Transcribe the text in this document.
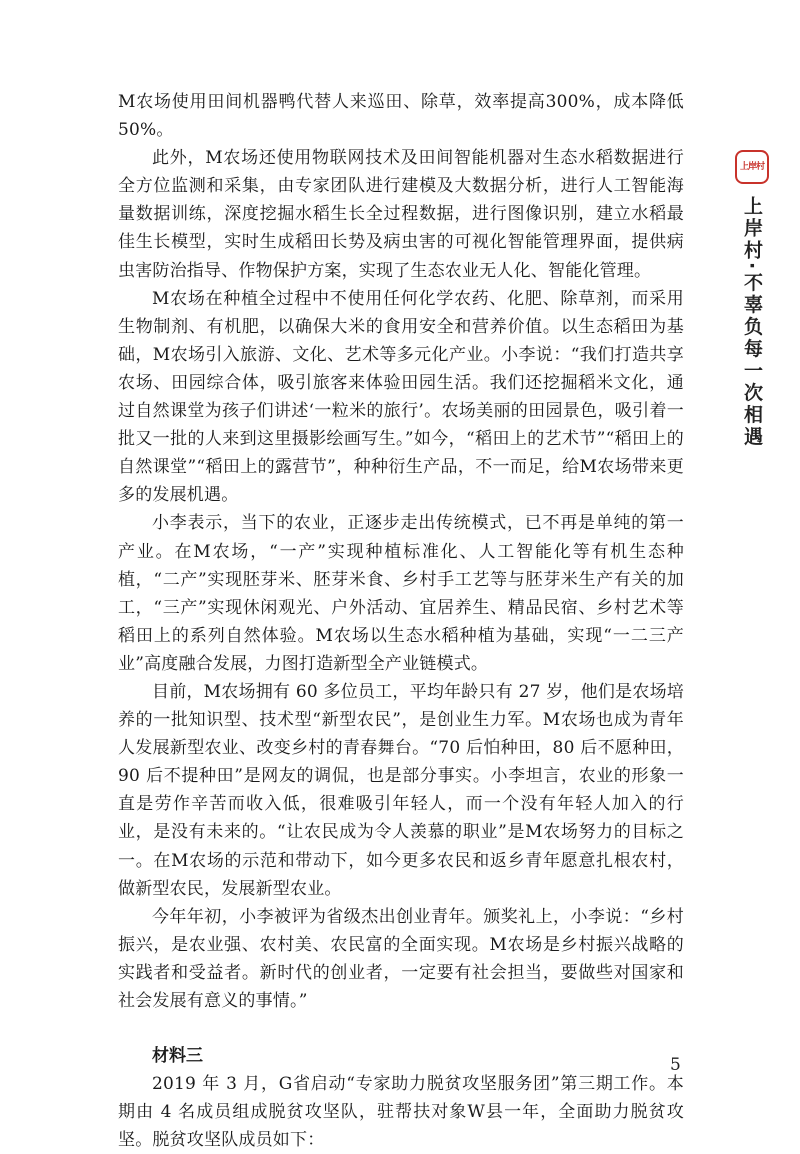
上岸村
上岸村·不辜负每一次相遇

M农场使用田间机器鸭代替人来巡田、除草，效率提高300%，成本降低 50%。

此外，M农场还使用物联网技术及田间智能机器对生态水稻数据进行全方位监测和采集，由专家团队进行建模及大数据分析，进行人工智能海量数据训练，深度挖掘水稻生长全过程数据，进行图像识别，建立水稻最佳生长模型，实时生成稻田长势及病虫害的可视化智能管理界面，提供病虫害防治指导、作物保护方案，实现了生态农业无人化、智能化管理。

M农场在种植全过程中不使用任何化学农药、化肥、除草剂，而采用生物制剂、有机肥，以确保大米的食用安全和营养价值。以生态稻田为基础，M农场引入旅游、文化、艺术等多元化产业。小李说：“我们打造共享农场、田园综合体，吸引旅客来体验田园生活。我们还挖掘稻米文化，通过自然课堂为孩子们讲述‘一粒米的旅行’。农场美丽的田园景色，吸引着一批又一批的人来到这里摄影绘画写生。”如今，“稻田上的艺术节”“稻田上的自然课堂”“稻田上的露营节”，种种衍生产品，不一而足，给M农场带来更多的发展机遇。

小李表示，当下的农业，正逐步走出传统模式，已不再是单纯的第一产业。在M农场，“一产”实现种植标准化、人工智能化等有机生态种植，“二产”实现胚芽米、胚芽米食、乡村手工艺等与胚芽米生产有关的加工，“三产”实现休闲观光、户外活动、宜居养生、精品民宿、乡村艺术等稻田上的系列自然体验。M农场以生态水稻种植为基础，实现“一二三产业”高度融合发展，力图打造新型全产业链模式。

目前，M农场拥有 60 多位员工，平均年龄只有 27 岁，他们是农场培养的一批知识型、技术型“新型农民”，是创业生力军。M农场也成为青年人发展新型农业、改变乡村的青春舞台。“70 后怕种田，80 后不愿种田，90 后不提种田”是网友的调侃，也是部分事实。小李坦言，农业的形象一直是劳作辛苦而收入低，很难吸引年轻人，而一个没有年轻人加入的行业，是没有未来的。“让农民成为令人羡慕的职业”是M农场努力的目标之一。在M农场的示范和带动下，如今更多农民和返乡青年愿意扎根农村，做新型农民，发展新型农业。

今年年初，小李被评为省级杰出创业青年。颁奖礼上，小李说：“乡村振兴，是农业强、农村美、农民富的全面实现。M农场是乡村振兴战略的实践者和受益者。新时代的创业者，一定要有社会担当，要做些对国家和社会发展有意义的事情。”

材料三

2019 年 3 月，G省启动“专家助力脱贫攻坚服务团”第三期工作。本期由 4 名成员组成脱贫攻坚队，驻帮扶对象W县一年，全面助力脱贫攻坚。脱贫攻坚队成员如下：

5
